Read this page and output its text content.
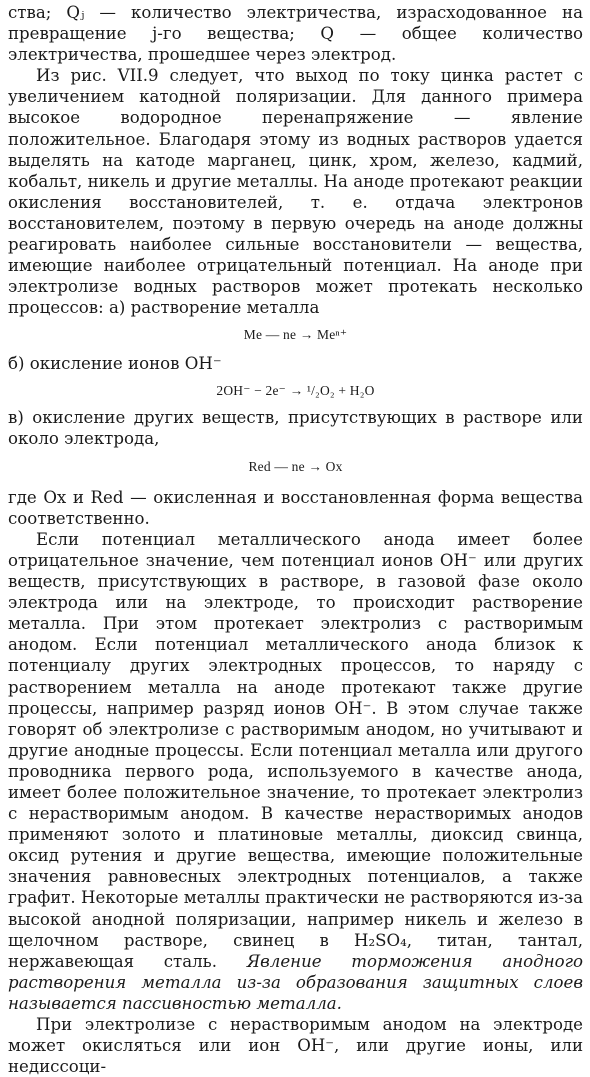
ства; Qⱼ — количество электричества, израсходованное на превращение j-го вещества; Q — общее количество электричества, прошедшее через электрод.

Из рис. VII.9 следует, что выход по току цинка растет с увеличением катодной поляризации. Для данного примера высокое водородное перенапряжение — явление положительное. Благодаря этому из водных растворов удается выделять на катоде марганец, цинк, хром, железо, кадмий, кобальт, никель и другие металлы. На аноде протекают реакции окисления восстановителей, т. е. отдача электронов восстановителем, поэтому в первую очередь на аноде должны реагировать наиболее сильные восстановители — вещества, имеющие наиболее отрицательный потенциал. На аноде при электролизе водных растворов может протекать несколько процессов: а) растворение металла

Me — ne → Meⁿ⁺

б) окисление ионов OH⁻

2OH⁻ − 2e⁻ → ¹/₂O₂ + H₂O

в) окисление других веществ, присутствующих в растворе или около электрода,

Red — ne → Ox

где Ox и Red — окисленная и восстановленная форма вещества соответственно.

Если потенциал металлического анода имеет более отрицательное значение, чем потенциал ионов OH⁻ или других веществ, присутствующих в растворе, в газовой фазе около электрода или на электроде, то происходит растворение металла. При этом протекает электролиз с растворимым анодом. Если потенциал металлического анода близок к потенциалу других электродных процессов, то наряду с растворением металла на аноде протекают также другие процессы, например разряд ионов OH⁻. В этом случае также говорят об электролизе с растворимым анодом, но учитывают и другие анодные процессы. Если потенциал металла или другого проводника первого рода, используемого в качестве анода, имеет более положительное значение, то протекает электролиз с нерастворимым анодом. В качестве нерастворимых анодов применяют золото и платиновые металлы, диоксид свинца, оксид рутения и другие вещества, имеющие положительные значения равновесных электродных потенциалов, а также графит. Некоторые металлы практически не растворяются из-за высокой анодной поляризации, например никель и железо в щелочном растворе, свинец в H₂SO₄, титан, тантал, нержавеющая сталь. Явление торможения анодного растворения металла из-за образования защитных слоев называется пассивностью металла.

При электролизе с нерастворимым анодом на электроде может окисляться или ион OH⁻, или другие ионы, или недиссоци-
